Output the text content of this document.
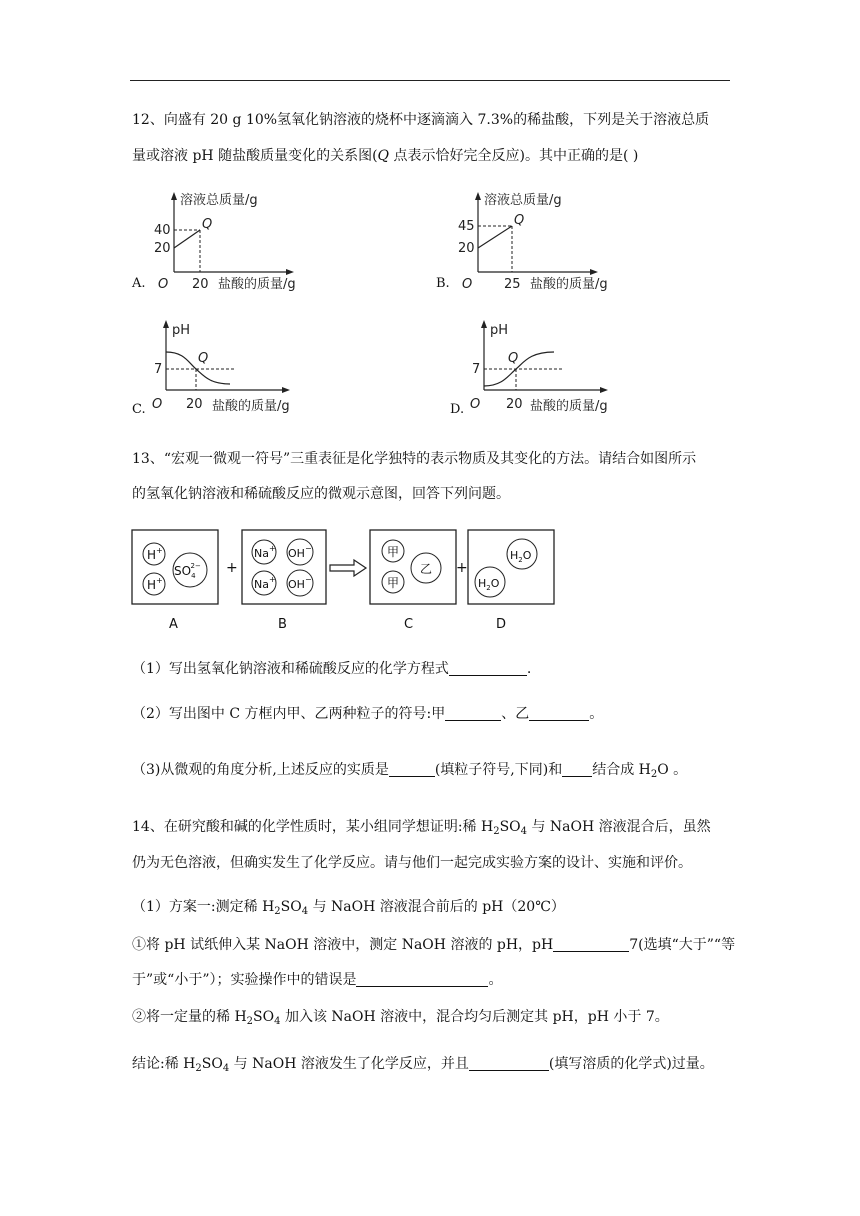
12、向盛有 20 g 10%氢氧化钠溶液的烧杯中逐滴滴入 7.3%的稀盐酸，下列是关于溶液总质
量或溶液 pH 随盐酸质量变化的关系图(Q 点表示恰好完全反应)。其中正确的是( )
A.
溶液总质量/g
40
20
O 20 盐酸的质量/g
Q
B.
溶液总质量/g
45
20
O 25 盐酸的质量/g
Q
C.
pH
7
O 20 盐酸的质量/g
Q
D.
pH
7
O 20 盐酸的质量/g
Q
13、“宏观一微观一符号”三重表征是化学独特的表示物质及其变化的方法。请结合如图所示
的氢氧化钠溶液和稀硫酸反应的微观示意图，回答下列问题。
H+
H+
$SO_42-$
A
+
Na+ OH−
Na+ OH−
B
甲
甲
乙
C
+
$H_2O$
$H_2O$
D
（1）写出氢氧化钠溶液和稀硫酸反应的化学方程式	.
（2）写出图中 C 方框内甲、乙两种粒子的符号:甲	、乙	。
（3)从微观的角度分析,上述反应的实质是	(填粒子符号,下同)和 结合成 $H_2O$ 。
14、在研究酸和碱的化学性质时，某小组同学想证明:稀 $H_2SO_4$ 与 NaOH 溶液混合后，虽然
仍为无色溶液，但确实发生了化学反应。请与他们一起完成实验方案的设计、实施和评价。
（1）方案一:测定稀 $H_2SO_4$ 与 NaOH 溶液混合前后的 pH（20℃）
①将 pH 试纸伸入某 NaOH 溶液中，测定 NaOH 溶液的 pH，pH	7(选填“大于”“等
于”或“小于”）；实验操作中的错误是	。
②将一定量的稀 $H_2SO_4$ 加入该 NaOH 溶液中，混合均匀后测定其 pH，pH 小于 7。
结论:稀 $H_2SO_4$ 与 NaOH 溶液发生了化学反应，并且	(填写溶质的化学式)过量。
